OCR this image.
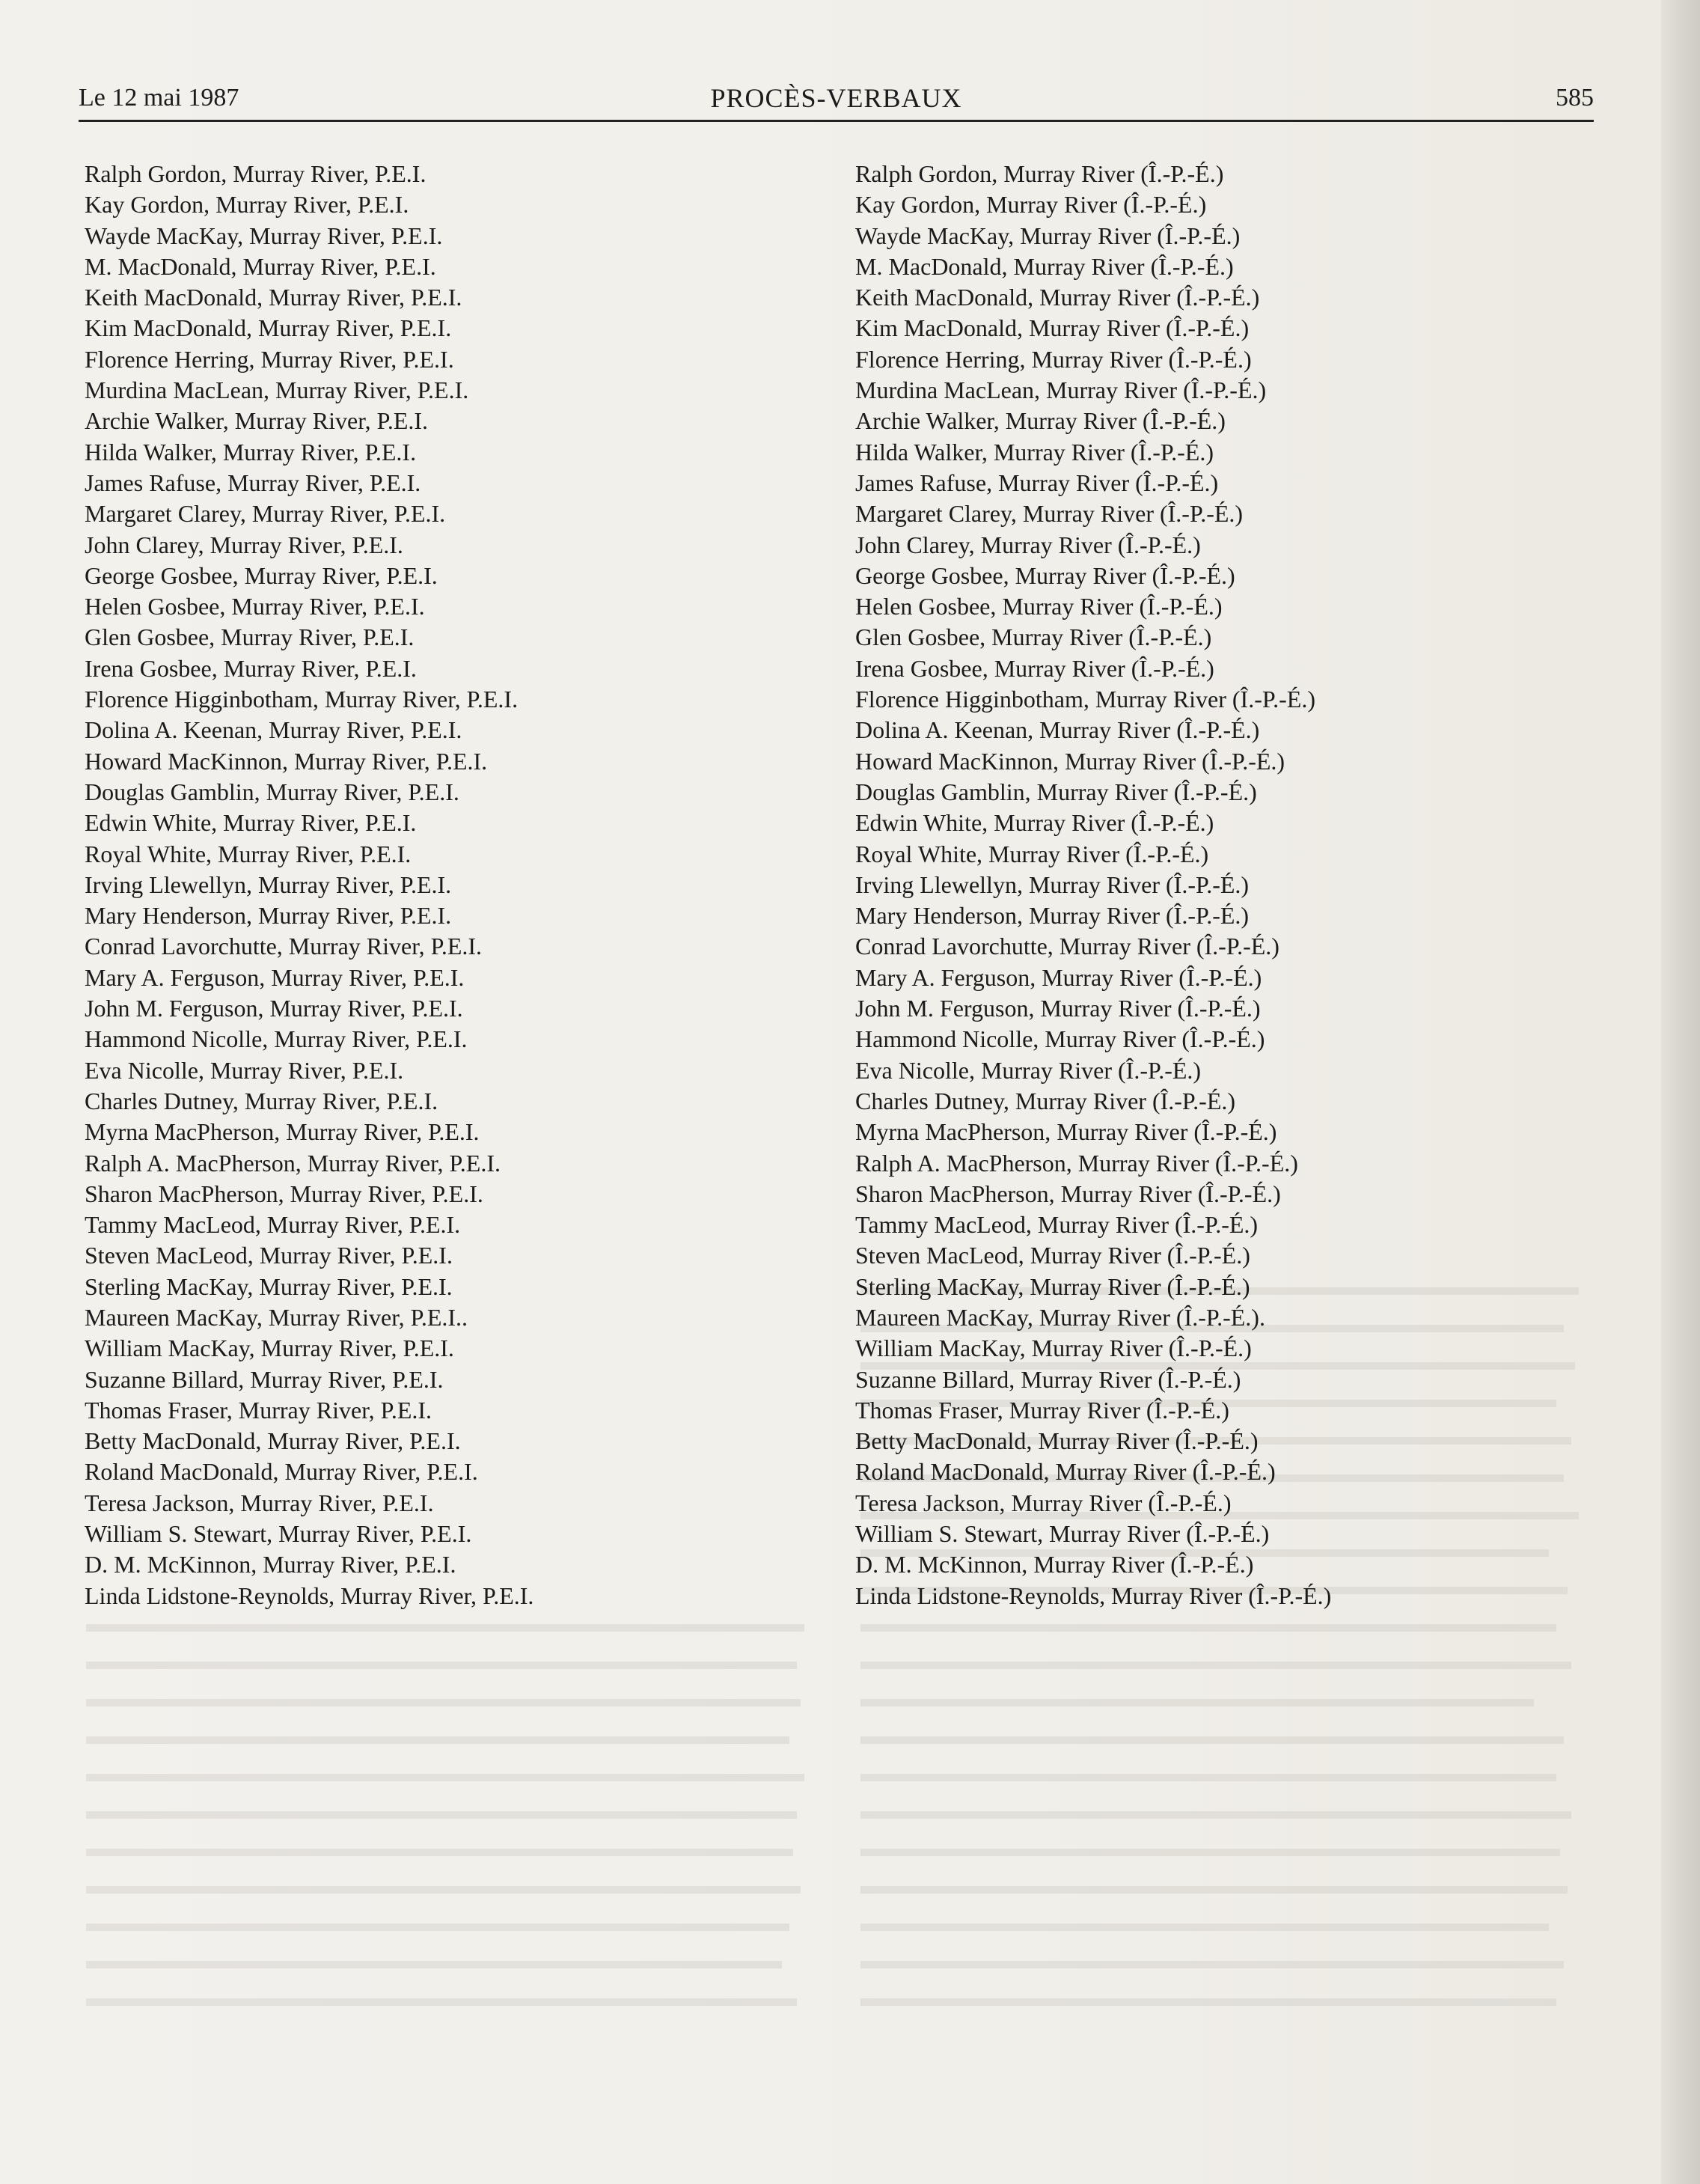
Le 12 mai 1987	PROCÈS-VERBAUX	585
Ralph Gordon, Murray River, P.E.I.
Kay Gordon, Murray River, P.E.I.
Wayde MacKay, Murray River, P.E.I.
M. MacDonald, Murray River, P.E.I.
Keith MacDonald, Murray River, P.E.I.
Kim MacDonald, Murray River, P.E.I.
Florence Herring, Murray River, P.E.I.
Murdina MacLean, Murray River, P.E.I.
Archie Walker, Murray River, P.E.I.
Hilda Walker, Murray River, P.E.I.
James Rafuse, Murray River, P.E.I.
Margaret Clarey, Murray River, P.E.I.
John Clarey, Murray River, P.E.I.
George Gosbee, Murray River, P.E.I.
Helen Gosbee, Murray River, P.E.I.
Glen Gosbee, Murray River, P.E.I.
Irena Gosbee, Murray River, P.E.I.
Florence Higginbotham, Murray River, P.E.I.
Dolina A. Keenan, Murray River, P.E.I.
Howard MacKinnon, Murray River, P.E.I.
Douglas Gamblin, Murray River, P.E.I.
Edwin White, Murray River, P.E.I.
Royal White, Murray River, P.E.I.
Irving Llewellyn, Murray River, P.E.I.
Mary Henderson, Murray River, P.E.I.
Conrad Lavorchutte, Murray River, P.E.I.
Mary A. Ferguson, Murray River, P.E.I.
John M. Ferguson, Murray River, P.E.I.
Hammond Nicolle, Murray River, P.E.I.
Eva Nicolle, Murray River, P.E.I.
Charles Dutney, Murray River, P.E.I.
Myrna MacPherson, Murray River, P.E.I.
Ralph A. MacPherson, Murray River, P.E.I.
Sharon MacPherson, Murray River, P.E.I.
Tammy MacLeod, Murray River, P.E.I.
Steven MacLeod, Murray River, P.E.I.
Sterling MacKay, Murray River, P.E.I.
Maureen MacKay, Murray River, P.E.I..
William MacKay, Murray River, P.E.I.
Suzanne Billard, Murray River, P.E.I.
Thomas Fraser, Murray River, P.E.I.
Betty MacDonald, Murray River, P.E.I.
Roland MacDonald, Murray River, P.E.I.
Teresa Jackson, Murray River, P.E.I.
William S. Stewart, Murray River, P.E.I.
D. M. McKinnon, Murray River, P.E.I.
Linda Lidstone-Reynolds, Murray River, P.E.I.
Ralph Gordon, Murray River (Î.-P.-É.)
Kay Gordon, Murray River (Î.-P.-É.)
Wayde MacKay, Murray River (Î.-P.-É.)
M. MacDonald, Murray River (Î.-P.-É.)
Keith MacDonald, Murray River (Î.-P.-É.)
Kim MacDonald, Murray River (Î.-P.-É.)
Florence Herring, Murray River (Î.-P.-É.)
Murdina MacLean, Murray River (Î.-P.-É.)
Archie Walker, Murray River (Î.-P.-É.)
Hilda Walker, Murray River (Î.-P.-É.)
James Rafuse, Murray River (Î.-P.-É.)
Margaret Clarey, Murray River (Î.-P.-É.)
John Clarey, Murray River (Î.-P.-É.)
George Gosbee, Murray River (Î.-P.-É.)
Helen Gosbee, Murray River (Î.-P.-É.)
Glen Gosbee, Murray River (Î.-P.-É.)
Irena Gosbee, Murray River (Î.-P.-É.)
Florence Higginbotham, Murray River (Î.-P.-É.)
Dolina A. Keenan, Murray River (Î.-P.-É.)
Howard MacKinnon, Murray River (Î.-P.-É.)
Douglas Gamblin, Murray River (Î.-P.-É.)
Edwin White, Murray River (Î.-P.-É.)
Royal White, Murray River (Î.-P.-É.)
Irving Llewellyn, Murray River (Î.-P.-É.)
Mary Henderson, Murray River (Î.-P.-É.)
Conrad Lavorchutte, Murray River (Î.-P.-É.)
Mary A. Ferguson, Murray River (Î.-P.-É.)
John M. Ferguson, Murray River (Î.-P.-É.)
Hammond Nicolle, Murray River (Î.-P.-É.)
Eva Nicolle, Murray River (Î.-P.-É.)
Charles Dutney, Murray River (Î.-P.-É.)
Myrna MacPherson, Murray River (Î.-P.-É.)
Ralph A. MacPherson, Murray River (Î.-P.-É.)
Sharon MacPherson, Murray River (Î.-P.-É.)
Tammy MacLeod, Murray River (Î.-P.-É.)
Steven MacLeod, Murray River (Î.-P.-É.)
Sterling MacKay, Murray River (Î.-P.-É.)
Maureen MacKay, Murray River (Î.-P.-É.).
William MacKay, Murray River (Î.-P.-É.)
Suzanne Billard, Murray River (Î.-P.-É.)
Thomas Fraser, Murray River (Î.-P.-É.)
Betty MacDonald, Murray River (Î.-P.-É.)
Roland MacDonald, Murray River (Î.-P.-É.)
Teresa Jackson, Murray River (Î.-P.-É.)
William S. Stewart, Murray River (Î.-P.-É.)
D. M. McKinnon, Murray River (Î.-P.-É.)
Linda Lidstone-Reynolds, Murray River (Î.-P.-É.)
